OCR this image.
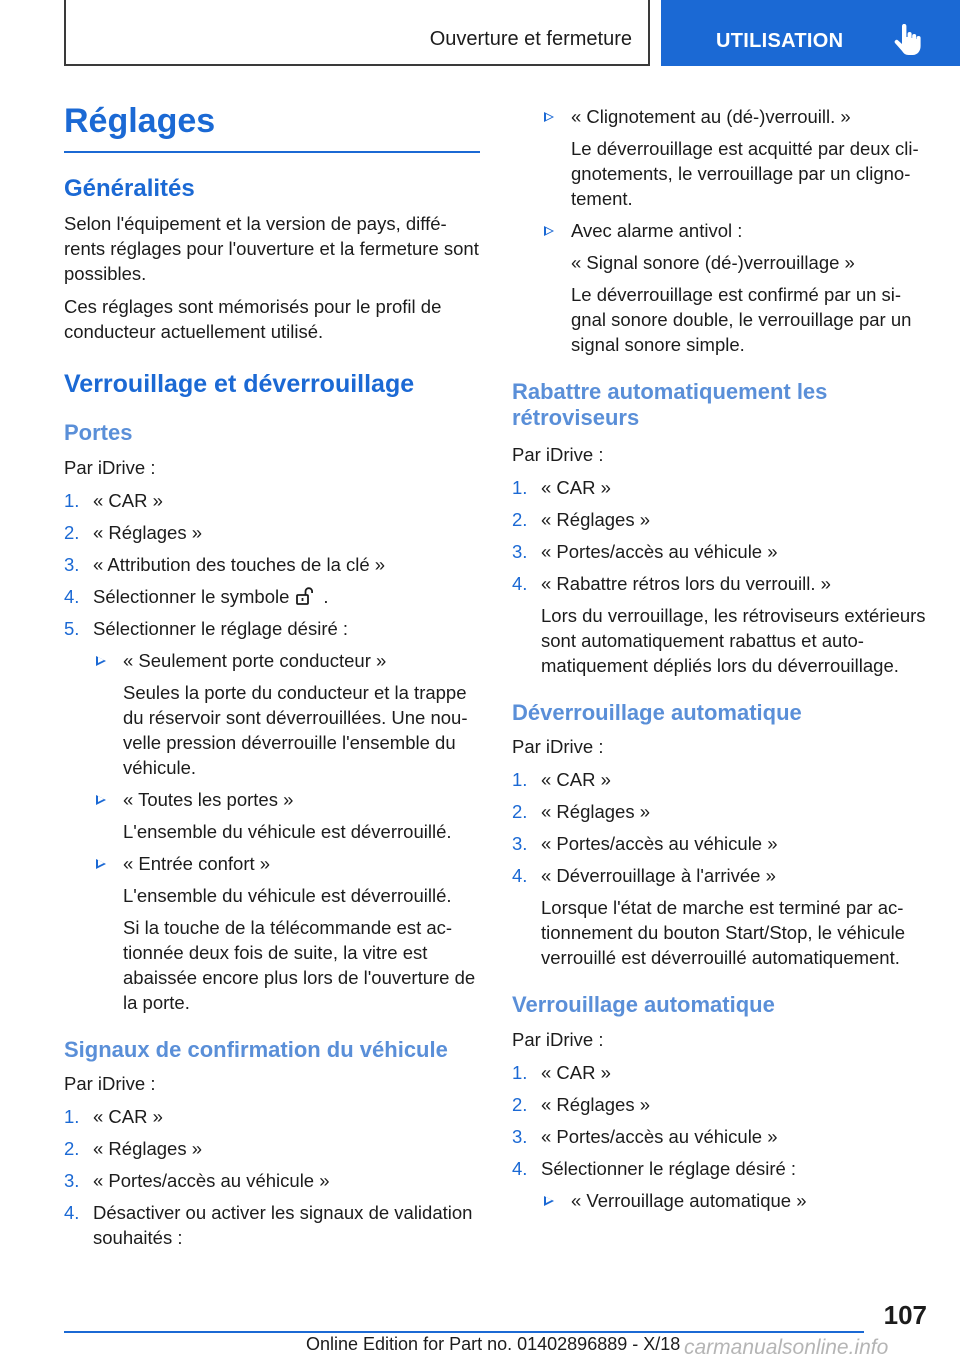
Ouverture et fermeture	UTILISATION
Réglages
Généralités

Selon l'équipement et la version de pays, différents réglages pour l'ouverture et la fermeture sont possibles.

Ces réglages sont mémorisés pour le profil de conducteur actuellement utilisé.

Verrouillage et déverrouillage
Portes

Par iDrive :

1. « CAR »
2. « Réglages »
3. « Attribution des touches de la clé »
4. Sélectionner le symbole .
5. Sélectionner le réglage désiré :
« Seulement porte conducteur »
Seules la porte du conducteur et la trappe du réservoir sont déverrouillées. Une nouvelle pression déverrouille l'ensemble du véhicule.
« Toutes les portes »
L'ensemble du véhicule est déverrouillé.
« Entrée confort »
L'ensemble du véhicule est déverrouillé.
Si la touche de la télécommande est actionnée deux fois de suite, la vitre est abaissée encore plus lors de l'ouverture de la porte.
Signaux de confirmation du véhicule

Par iDrive :

1. « CAR »
2. « Réglages »
3. « Portes/accès au véhicule »
4. Désactiver ou activer les signaux de validation souhaités :
« Clignotement au (dé-)verrouill. »
Le déverrouillage est acquitté par deux clignotements, le verrouillage par un clignotement.
Avec alarme antivol :
« Signal sonore (dé-)verrouillage »
Le déverrouillage est confirmé par un signal sonore double, le verrouillage par un signal sonore simple.
Rabattre automatiquement les rétroviseurs

Par iDrive :

1. « CAR »
2. « Réglages »
3. « Portes/accès au véhicule »
4. « Rabattre rétros lors du verrouill. »
Lors du verrouillage, les rétroviseurs extérieurs sont automatiquement rabattus et automatiquement dépliés lors du déverrouillage.
Déverrouillage automatique

Par iDrive :

1. « CAR »
2. « Réglages »
3. « Portes/accès au véhicule »
4. « Déverrouillage à l'arrivée »
Lorsque l'état de marche est terminé par actionnement du bouton Start/Stop, le véhicule verrouillé est déverrouillé automatiquement.
Verrouillage automatique

Par iDrive :

1. « CAR »
2. « Réglages »
3. « Portes/accès au véhicule »
4. Sélectionner le réglage désiré :
« Verrouillage automatique »
107
Online Edition for Part no. 01402896889 - X/18 carmanualsonline.info
